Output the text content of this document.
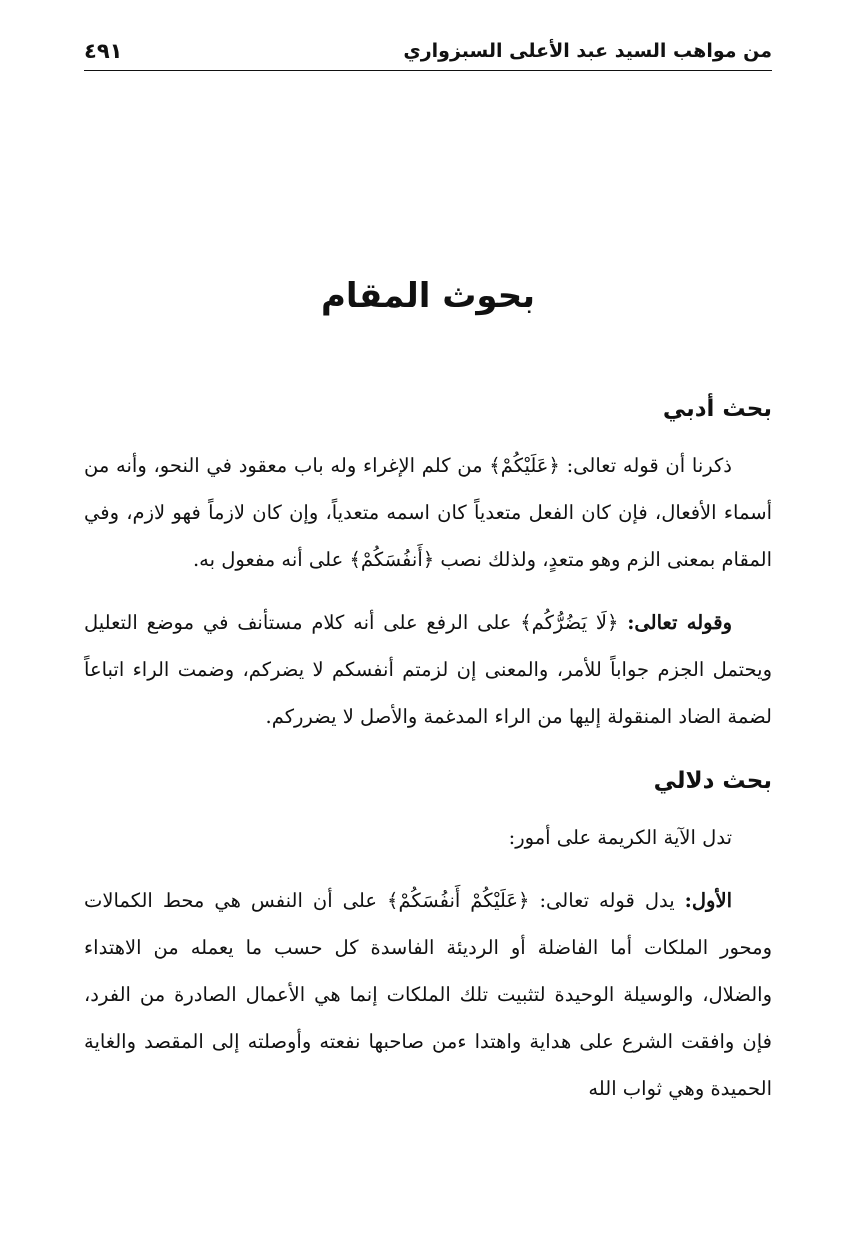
من مواهب السيد عبد الأعلى السبزواري
٤٩١
بحوث المقام
بحث أدبي

ذكرنا أن قوله تعالى: ﴿عَلَيْكُمْ﴾ من كلم الإغراء وله باب معقود في النحو، وأنه من أسماء الأفعال، فإن كان الفعل متعدياً كان اسمه متعدياً، وإن كان لازماً فهو لازم، وفي المقام بمعنى الزم وهو متعدٍ، ولذلك نصب ﴿أَنفُسَكُمْ﴾ على أنه مفعول به.

وقوله تعالى: ﴿لَا يَضُرُّكُم﴾ على الرفع على أنه كلام مستأنف في موضع التعليل ويحتمل الجزم جواباً للأمر، والمعنى إن لزمتم أنفسكم لا يضركم، وضمت الراء اتباعاً لضمة الضاد المنقولة إليها من الراء المدغمة والأصل لا يضرركم.

بحث دلالي

تدل الآية الكريمة على أمور:

الأول: يدل قوله تعالى: ﴿عَلَيْكُمْ أَنفُسَكُمْ﴾ على أن النفس هي محط الكمالات ومحور الملكات أما الفاضلة أو الرديئة الفاسدة كل حسب ما يعمله من الاهتداء والضلال، والوسيلة الوحيدة لتثبيت تلك الملكات إنما هي الأعمال الصادرة من الفرد، فإن وافقت الشرع على هداية واهتدا ءمن صاحبها نفعته وأوصلته إلى المقصد والغاية الحميدة وهي ثواب الله
